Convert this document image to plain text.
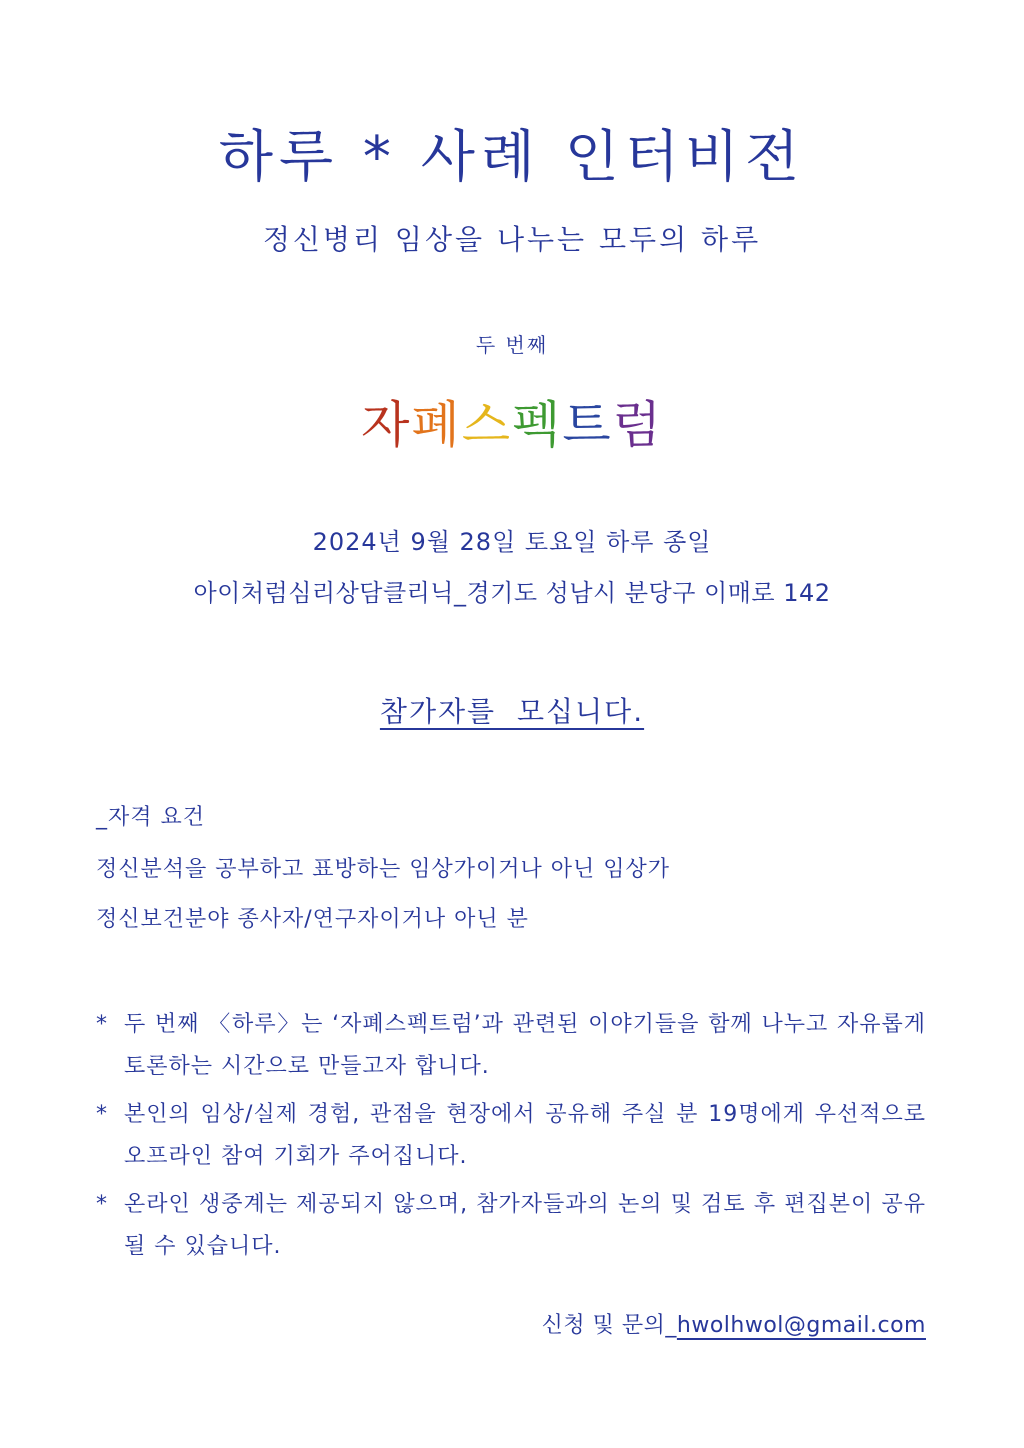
하루 * 사례 인터비전
정신병리 임상을 나누는 모두의 하루
두 번째
자폐스펙트럼
2024년 9월 28일 토요일 하루 종일
아이처럼심리상담클리닉_경기도 성남시 분당구 이매로 142
참가자를 모십니다.
_자격 요건
정신분석을 공부하고 표방하는 임상가이거나 아닌 임상가
정신보건분야 종사자/연구자이거나 아닌 분
* 두 번째 〈하루〉는 ‘자폐스펙트럼’과 관련된 이야기들을 함께 나누고 자유롭게 토론하는 시간으로 만들고자 합니다.
* 본인의 임상/실제 경험, 관점을 현장에서 공유해 주실 분 19명에게 우선적으로 오프라인 참여 기회가 주어집니다.
* 온라인 생중계는 제공되지 않으며, 참가자들과의 논의 및 검토 후 편집본이 공유될 수 있습니다.
신청 및 문의_hwolhwol@gmail.com
